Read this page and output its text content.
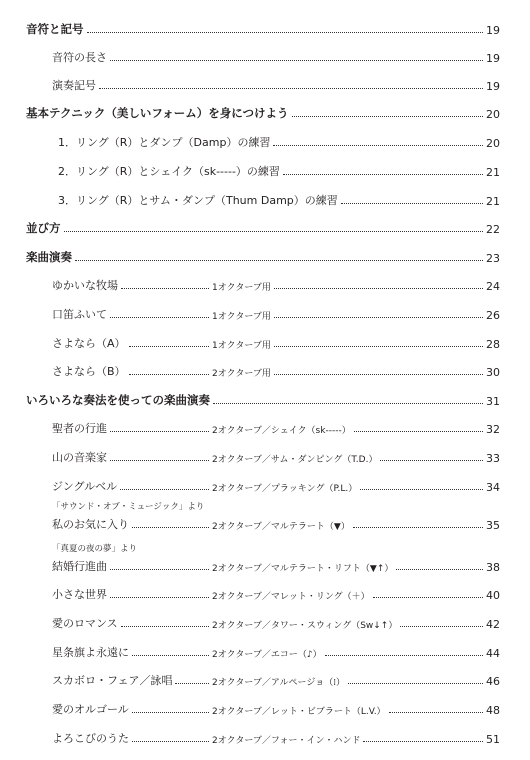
音符と記号	19
音符の長さ	19
演奏記号	19
基本テクニック（美しいフォーム）を身につけよう	20
1．リング（R）とダンプ（Damp）の練習	20
2．リング（R）とシェイク（sk-----）の練習	21
3．リング（R）とサム・ダンプ（Thum Damp）の練習	21
並び方	22
楽曲演奏	23
ゆかいな牧場	1オクターブ用	24
口笛ふいて	1オクターブ用	26
さよなら（A）	1オクターブ用	28
さよなら（B）	2オクターブ用	30
いろいろな奏法を使っての楽曲演奏	31
聖者の行進	2オクターブ／シェイク（sk-----）	32
山の音楽家	2オクターブ／サム・ダンピング（T.D.）	33
ジングルベル	2オクターブ／プラッキング（P.L.）	34
「サウンド・オブ・ミュージック」より
私のお気に入り	2オクターブ／マルテラート（▼）	35
「真夏の夜の夢」より
結婚行進曲	2オクターブ／マルテラート・リフト（▼↑）	38
小さな世界	2オクターブ／マレット・リング（＋）	40
愛のロマンス	2オクターブ／タワー・スウィング（Sw↓↑）	42
星条旗よ永遠に	2オクターブ／エコー（♪）	44
スカボロ・フェア／詠唱	2オクターブ／アルページョ（⁞）	46
愛のオルゴール	2オクターブ／レット・ビブラート（L.V.）	48
よろこびのうた	2オクターブ／フォー・イン・ハンド	51
